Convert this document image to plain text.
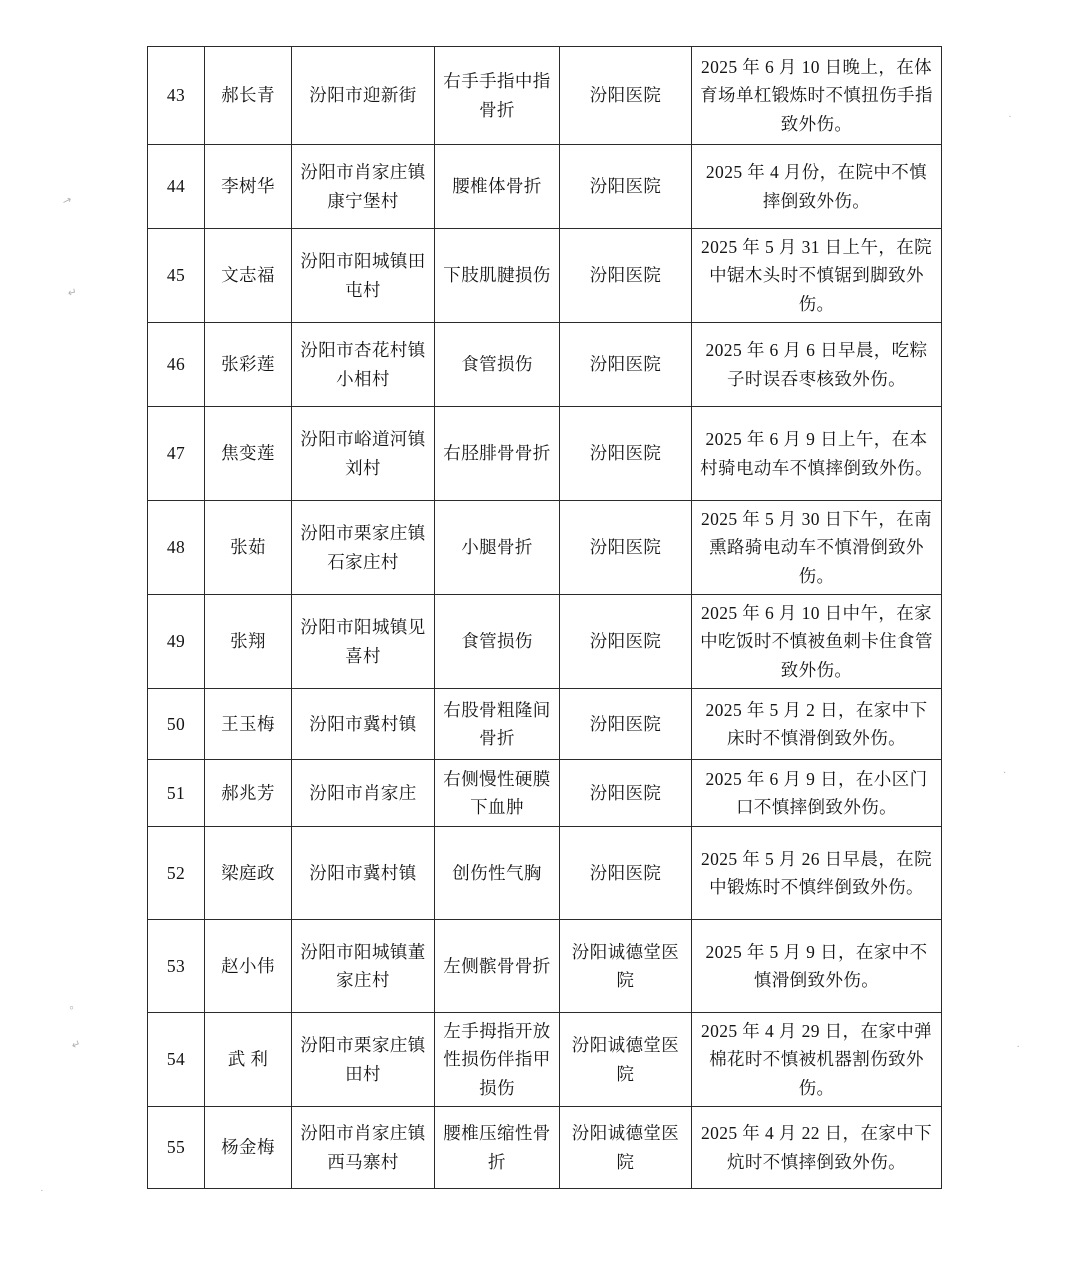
↗
↵
°
↵
·
·
·
·
43	郝长青	汾阳市迎新街	右手手指中指骨折	汾阳医院	2025 年 6 月 10 日晚上，在体育场单杠锻炼时不慎扭伤手指致外伤。
44	李树华	汾阳市肖家庄镇康宁堡村	腰椎体骨折	汾阳医院	2025 年 4 月份，在院中不慎摔倒致外伤。
45	文志福	汾阳市阳城镇田屯村	下肢肌腱损伤	汾阳医院	2025 年 5 月 31 日上午，在院中锯木头时不慎锯到脚致外伤。
46	张彩莲	汾阳市杏花村镇小相村	食管损伤	汾阳医院	2025 年 6 月 6 日早晨，吃粽子时误吞枣核致外伤。
47	焦变莲	汾阳市峪道河镇刘村	右胫腓骨骨折	汾阳医院	2025 年 6 月 9 日上午，在本村骑电动车不慎摔倒致外伤。
48	张茹	汾阳市栗家庄镇石家庄村	小腿骨折	汾阳医院	2025 年 5 月 30 日下午，在南熏路骑电动车不慎滑倒致外伤。
49	张翔	汾阳市阳城镇见喜村	食管损伤	汾阳医院	2025 年 6 月 10 日中午，在家中吃饭时不慎被鱼刺卡住食管致外伤。
50	王玉梅	汾阳市冀村镇	右股骨粗隆间骨折	汾阳医院	2025 年 5 月 2 日，在家中下床时不慎滑倒致外伤。
51	郝兆芳	汾阳市肖家庄	右侧慢性硬膜下血肿	汾阳医院	2025 年 6 月 9 日，在小区门口不慎摔倒致外伤。
52	梁庭政	汾阳市冀村镇	创伤性气胸	汾阳医院	2025 年 5 月 26 日早晨，在院中锻炼时不慎绊倒致外伤。
53	赵小伟	汾阳市阳城镇董家庄村	左侧髌骨骨折	汾阳诚德堂医院	2025 年 5 月 9 日，在家中不慎滑倒致外伤。
54	武 利	汾阳市栗家庄镇田村	左手拇指开放性损伤伴指甲损伤	汾阳诚德堂医院	2025 年 4 月 29 日，在家中弹棉花时不慎被机器割伤致外伤。
55	杨金梅	汾阳市肖家庄镇西马寨村	腰椎压缩性骨折	汾阳诚德堂医院	2025 年 4 月 22 日，在家中下炕时不慎摔倒致外伤。
